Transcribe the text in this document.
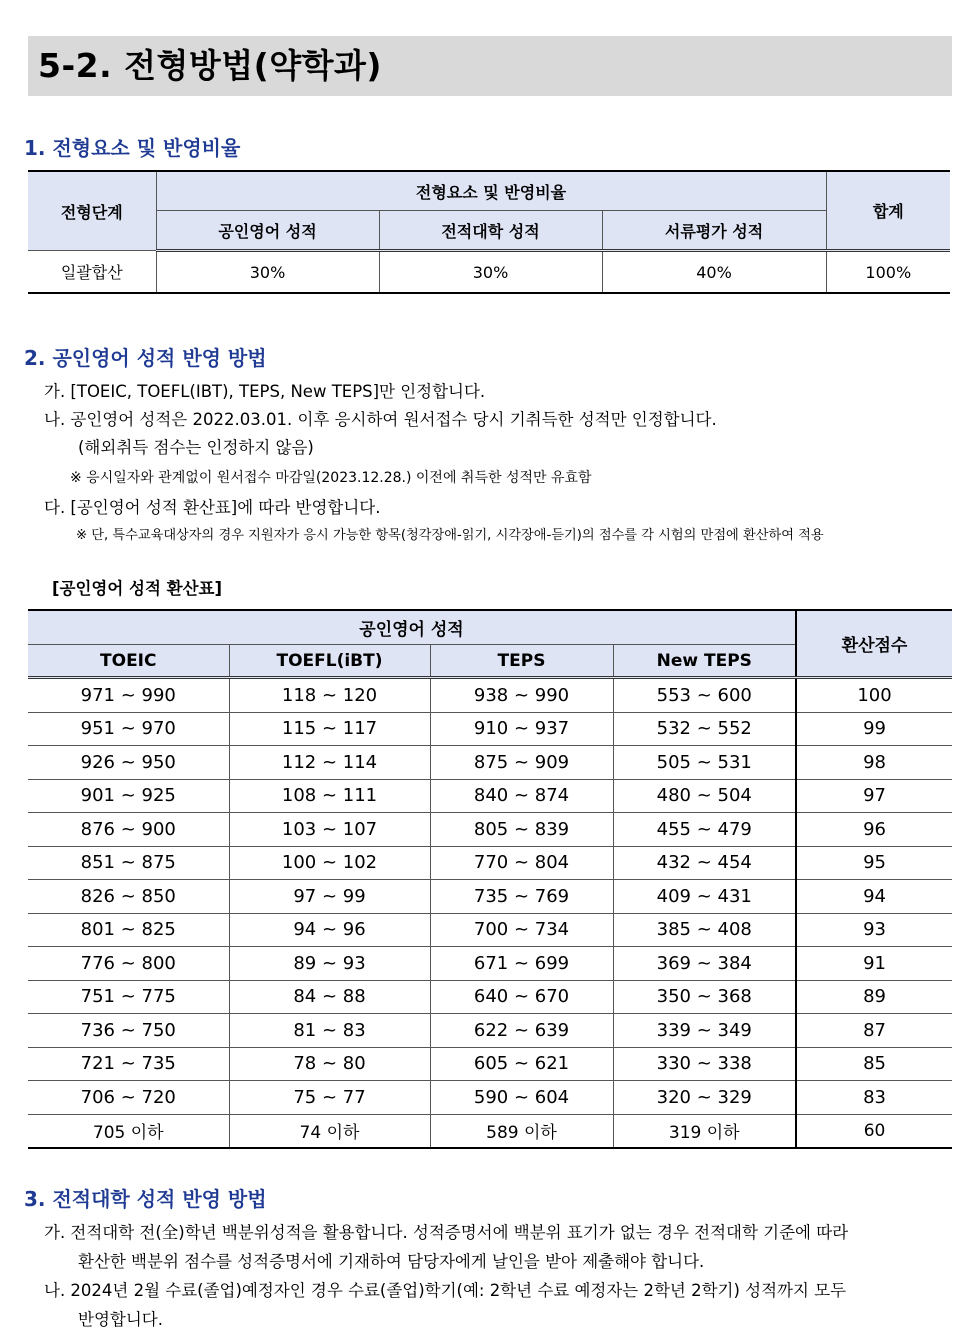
5-2. 전형방법(약학과)
1. 전형요소 및 반영비율
전형단계	전형요소 및 반영비율			합계
	공인영어 성적	전적대학 성적	서류평가 성적	
일괄합산	30%	30%	40%	100%
2. 공인영어 성적 반영 방법
가. [TOEIC, TOEFL(IBT), TEPS, New TEPS]만 인정합니다.
나. 공인영어 성적은 2022.03.01. 이후 응시하여 원서접수 당시 기취득한 성적만 인정합니다.
(해외취득 점수는 인정하지 않음)
※ 응시일자와 관계없이 원서접수 마감일(2023.12.28.) 이전에 취득한 성적만 유효함
다. [공인영어 성적 환산표]에 따라 반영합니다.
※ 단, 특수교육대상자의 경우 지원자가 응시 가능한 항목(청각장애-읽기, 시각장애-듣기)의 점수를 각 시험의 만점에 환산하여 적용
[공인영어 성적 환산표]
공인영어 성적				환산점수
TOEIC	TOEFL(iBT)	TEPS	New TEPS	
971 ~ 990	118 ~ 120	938 ~ 990	553 ~ 600	100
951 ~ 970	115 ~ 117	910 ~ 937	532 ~ 552	99
926 ~ 950	112 ~ 114	875 ~ 909	505 ~ 531	98
901 ~ 925	108 ~ 111	840 ~ 874	480 ~ 504	97
876 ~ 900	103 ~ 107	805 ~ 839	455 ~ 479	96
851 ~ 875	100 ~ 102	770 ~ 804	432 ~ 454	95
826 ~ 850	97 ~ 99	735 ~ 769	409 ~ 431	94
801 ~ 825	94 ~ 96	700 ~ 734	385 ~ 408	93
776 ~ 800	89 ~ 93	671 ~ 699	369 ~ 384	91
751 ~ 775	84 ~ 88	640 ~ 670	350 ~ 368	89
736 ~ 750	81 ~ 83	622 ~ 639	339 ~ 349	87
721 ~ 735	78 ~ 80	605 ~ 621	330 ~ 338	85
706 ~ 720	75 ~ 77	590 ~ 604	320 ~ 329	83
705 이하	74 이하	589 이하	319 이하	60
3. 전적대학 성적 반영 방법
가. 전적대학 전(全)학년 백분위성적을 활용합니다. 성적증명서에 백분위 표기가 없는 경우 전적대학 기준에 따라
환산한 백분위 점수를 성적증명서에 기재하여 담당자에게 날인을 받아 제출해야 합니다.
나. 2024년 2월 수료(졸업)예정자인 경우 수료(졸업)학기(예: 2학년 수료 예정자는 2학년 2학기) 성적까지 모두
반영합니다.
